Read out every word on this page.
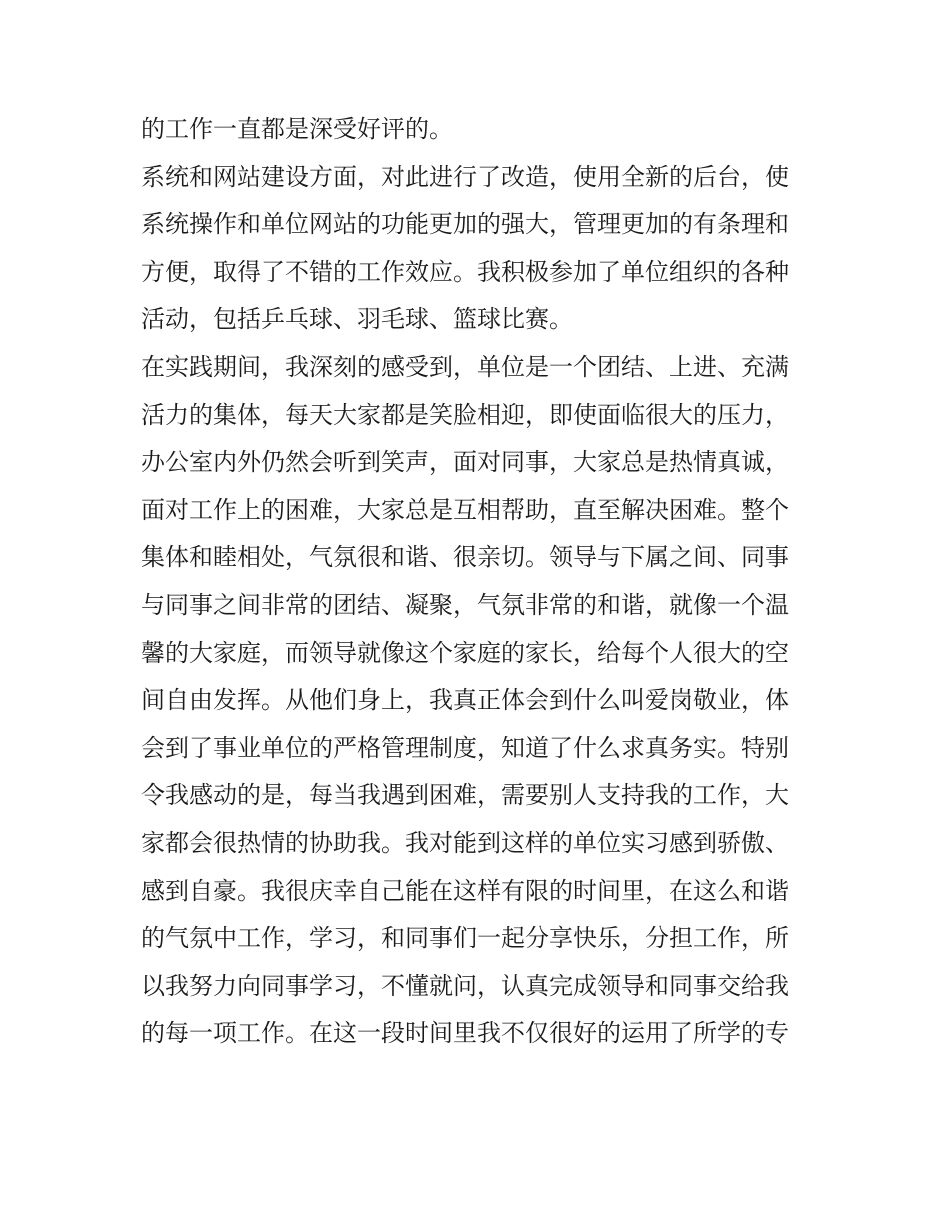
的工作一直都是深受好评的。
系统和网站建设方面，对此进行了改造，使用全新的后台，使
系统操作和单位网站的功能更加的强大，管理更加的有条理和
方便，取得了不错的工作效应。我积极参加了单位组织的各种
活动，包括乒乓球、羽毛球、篮球比赛。
在实践期间，我深刻的感受到，单位是一个团结、上进、充满
活力的集体，每天大家都是笑脸相迎，即使面临很大的压力，
办公室内外仍然会听到笑声，面对同事，大家总是热情真诚，
面对工作上的困难，大家总是互相帮助，直至解决困难。整个
集体和睦相处，气氛很和谐、很亲切。领导与下属之间、同事
与同事之间非常的团结、凝聚，气氛非常的和谐，就像一个温
馨的大家庭，而领导就像这个家庭的家长，给每个人很大的空
间自由发挥。从他们身上，我真正体会到什么叫爱岗敬业，体
会到了事业单位的严格管理制度，知道了什么求真务实。特别
令我感动的是，每当我遇到困难，需要别人支持我的工作，大
家都会很热情的协助我。我对能到这样的单位实习感到骄傲、
感到自豪。我很庆幸自己能在这样有限的时间里，在这么和谐
的气氛中工作，学习，和同事们一起分享快乐，分担工作，所
以我努力向同事学习，不懂就问，认真完成领导和同事交给我
的每一项工作。在这一段时间里我不仅很好的运用了所学的专
